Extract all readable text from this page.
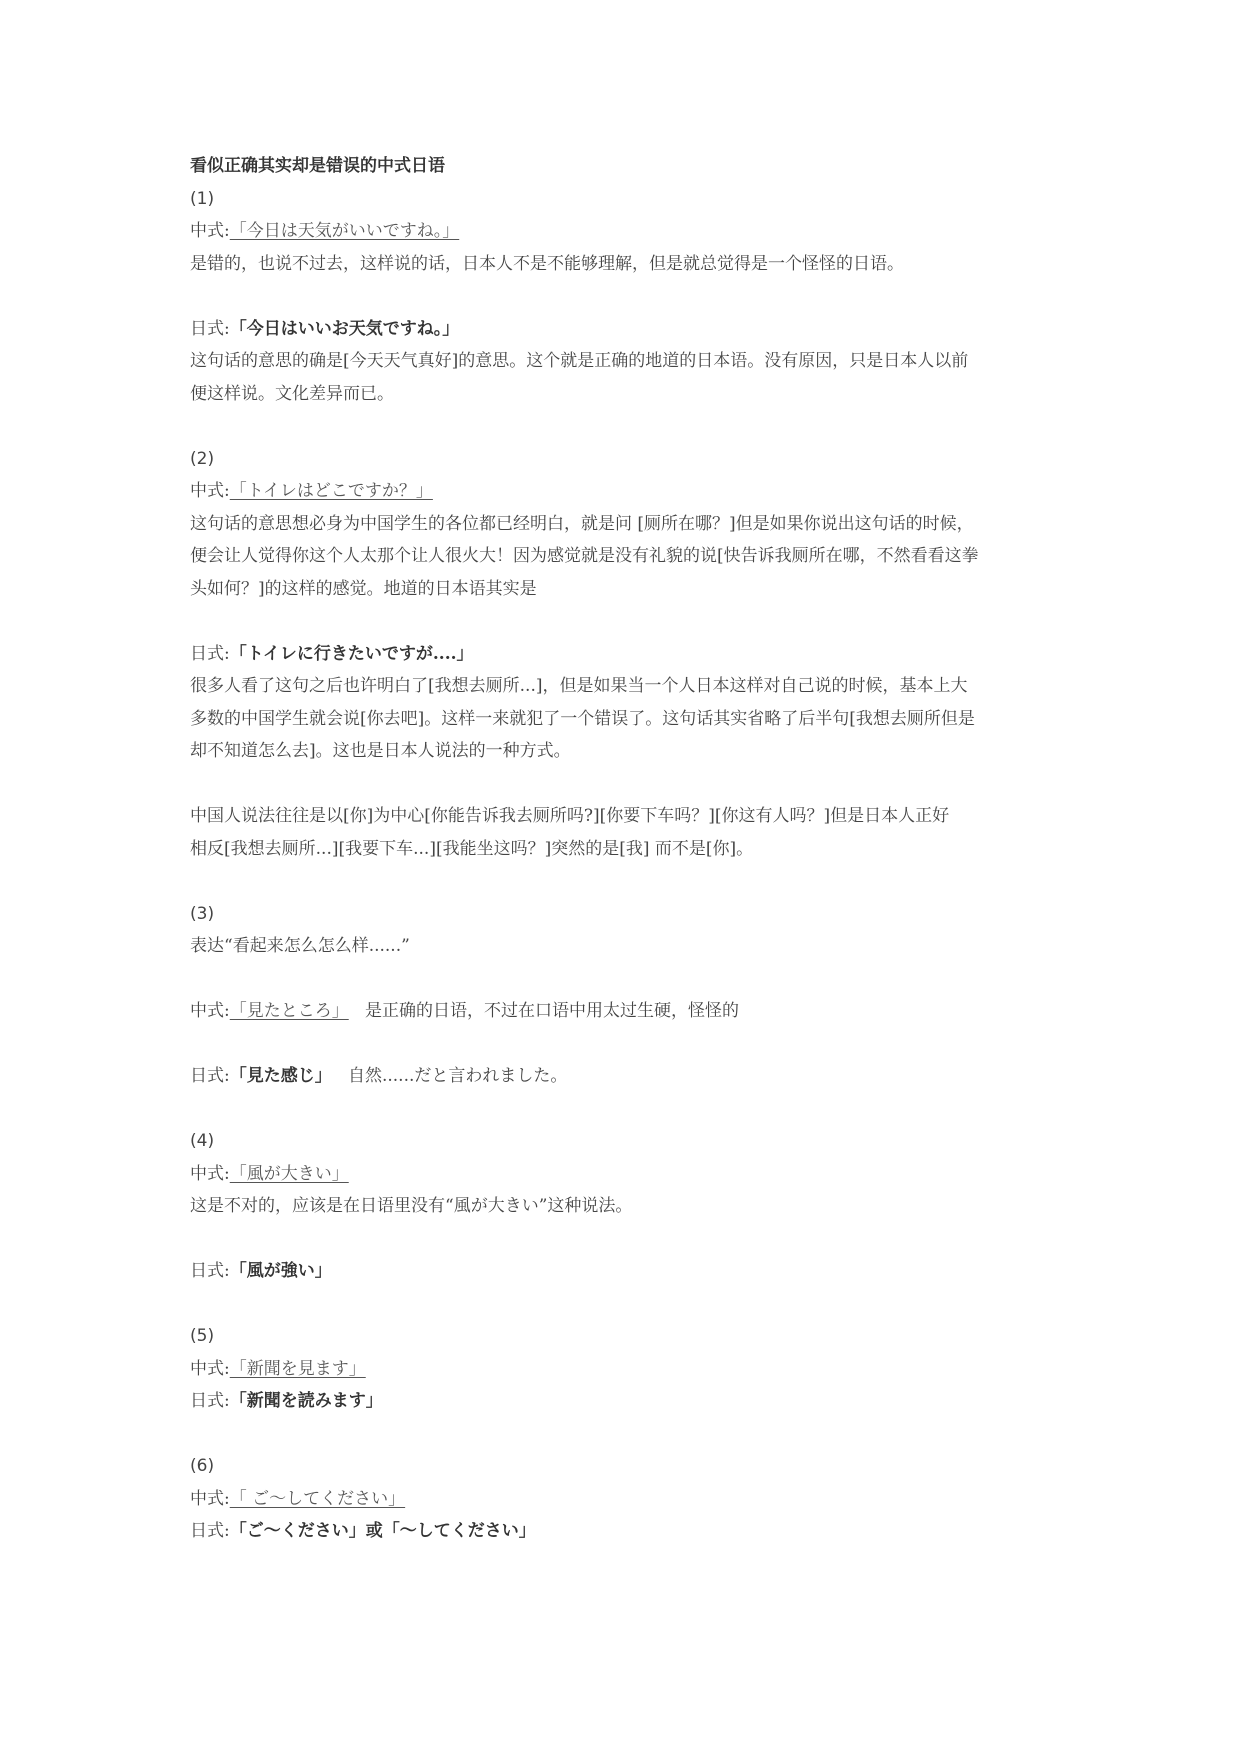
看似正确其实却是错误的中式日语
(1)
中式:「今日は天気がいいですね。」
是错的，也说不过去，这样说的话，日本人不是不能够理解，但是就总觉得是一个怪怪的日语。
日式:「今日はいいお天気ですね。」
这句话的意思的确是[今天天气真好]的意思。这个就是正确的地道的日本语。没有原因，只是日本人以前
便这样说。文化差异而已。
(2)
中式:「トイレはどこですか？」
这句话的意思想必身为中国学生的各位都已经明白，就是问 [厕所在哪？]但是如果你说出这句话的时候，
便会让人觉得你这个人太那个让人很火大！因为感觉就是没有礼貌的说[快告诉我厕所在哪，不然看看这拳
头如何？]的这样的感觉。地道的日本语其实是
日式:「トイレに行きたいですが....」
很多人看了这句之后也许明白了[我想去厕所...]，但是如果当一个人日本这样对自己说的时候，基本上大
多数的中国学生就会说[你去吧]。这样一来就犯了一个错误了。这句话其实省略了后半句[我想去厕所但是
却不知道怎么去]。这也是日本人说法的一种方式。
中国人说法往往是以[你]为中心[你能告诉我去厕所吗?][你要下车吗？][你这有人吗？]但是日本人正好
相反[我想去厕所...][我要下车...][我能坐这吗？]突然的是[我] 而不是[你]。
(3)
表达“看起来怎么怎么样......”
中式:「見たところ」 是正确的日语，不过在口语中用太过生硬，怪怪的
日式:「見た感じ」 自然......だと言われました。
(4)
中式:「風が大きい」
这是不对的，应该是在日语里没有“風が大きい”这种说法。
日式:「風が強い」
(5)
中式:「新聞を見ます」
日式:「新聞を読みます」
(6)
中式:「 ご～してください」
日式:「ご～ください」或「～してください」
